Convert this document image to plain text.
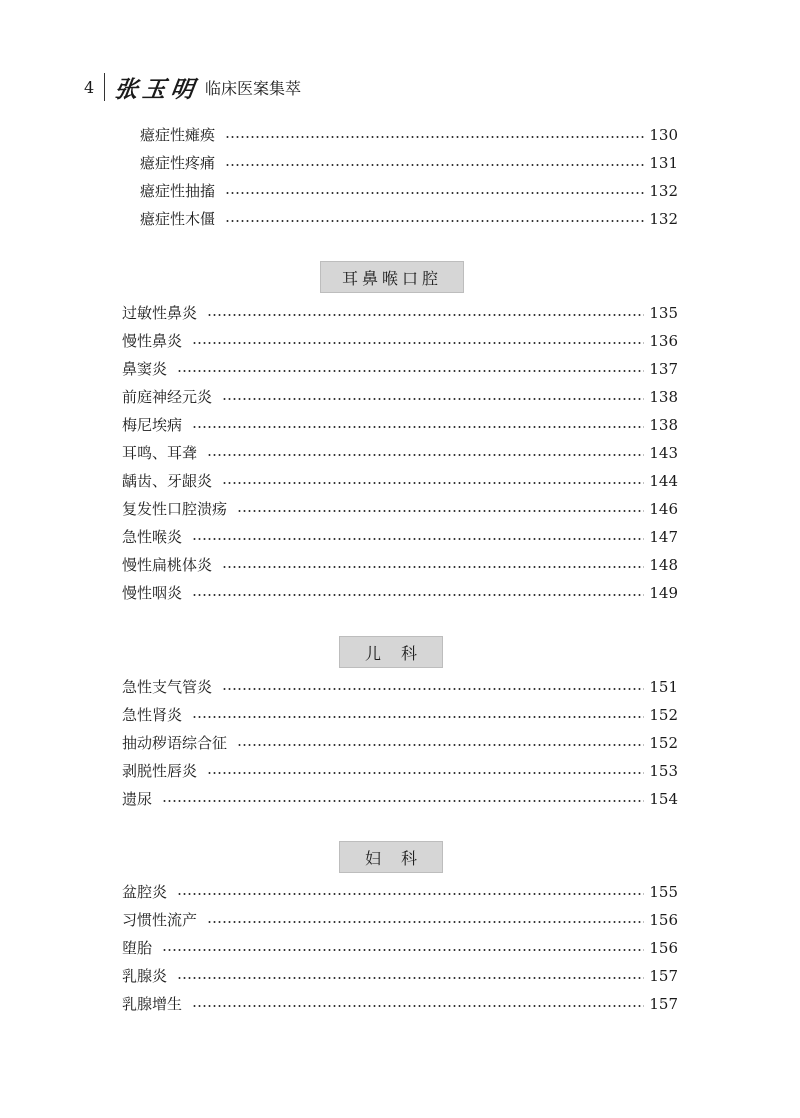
4 张玉明 临床医案集萃
癔症性瘫痪	130
癔症性疼痛	131
癔症性抽搐	132
癔症性木僵	132
耳鼻喉口腔
过敏性鼻炎	135
慢性鼻炎	136
鼻窦炎	137
前庭神经元炎	138
梅尼埃病	138
耳鸣、耳聋	143
龋齿、牙龈炎	144
复发性口腔溃疡	146
急性喉炎	147
慢性扁桃体炎	148
慢性咽炎	149
儿科
急性支气管炎	151
急性肾炎	152
抽动秽语综合征	152
剥脱性唇炎	153
遗尿	154
妇科
盆腔炎	155
习惯性流产	156
堕胎	156
乳腺炎	157
乳腺增生	157
